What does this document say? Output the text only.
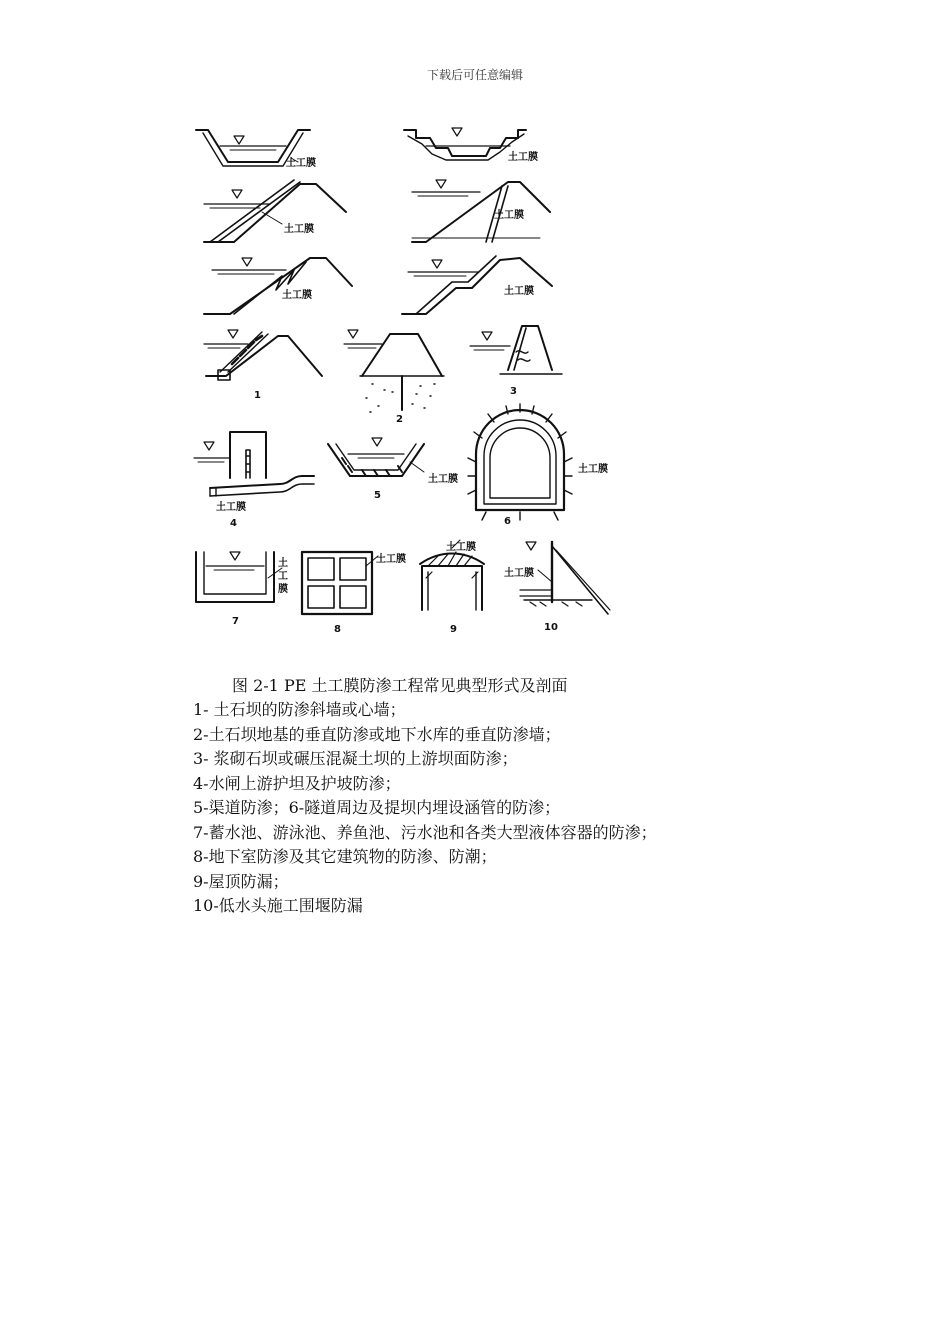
下载后可任意编辑
土工膜
土工膜
土工膜
土工膜
土工膜	土工膜
土工膜
土工膜
土工膜
土工膜
土工膜
土工膜
土
工
膜
1
2
3
4
5
6
7
8	9	10
图 2-1 PE 土工膜防渗工程常见典型形式及剖面
1- 土石坝的防渗斜墙或心墙；
2-土石坝地基的垂直防渗或地下水库的垂直防渗墙；
3- 浆砌石坝或碾压混凝土坝的上游坝面防渗；
4-水闸上游护坦及护坡防渗；
5-渠道防渗；6-隧道周边及提坝内埋设涵管的防渗；
7-蓄水池、游泳池、养鱼池、污水池和各类大型液体容器的防渗；
8-地下室防渗及其它建筑物的防渗、防潮；
9-屋顶防漏；
10-低水头施工围堰防漏
